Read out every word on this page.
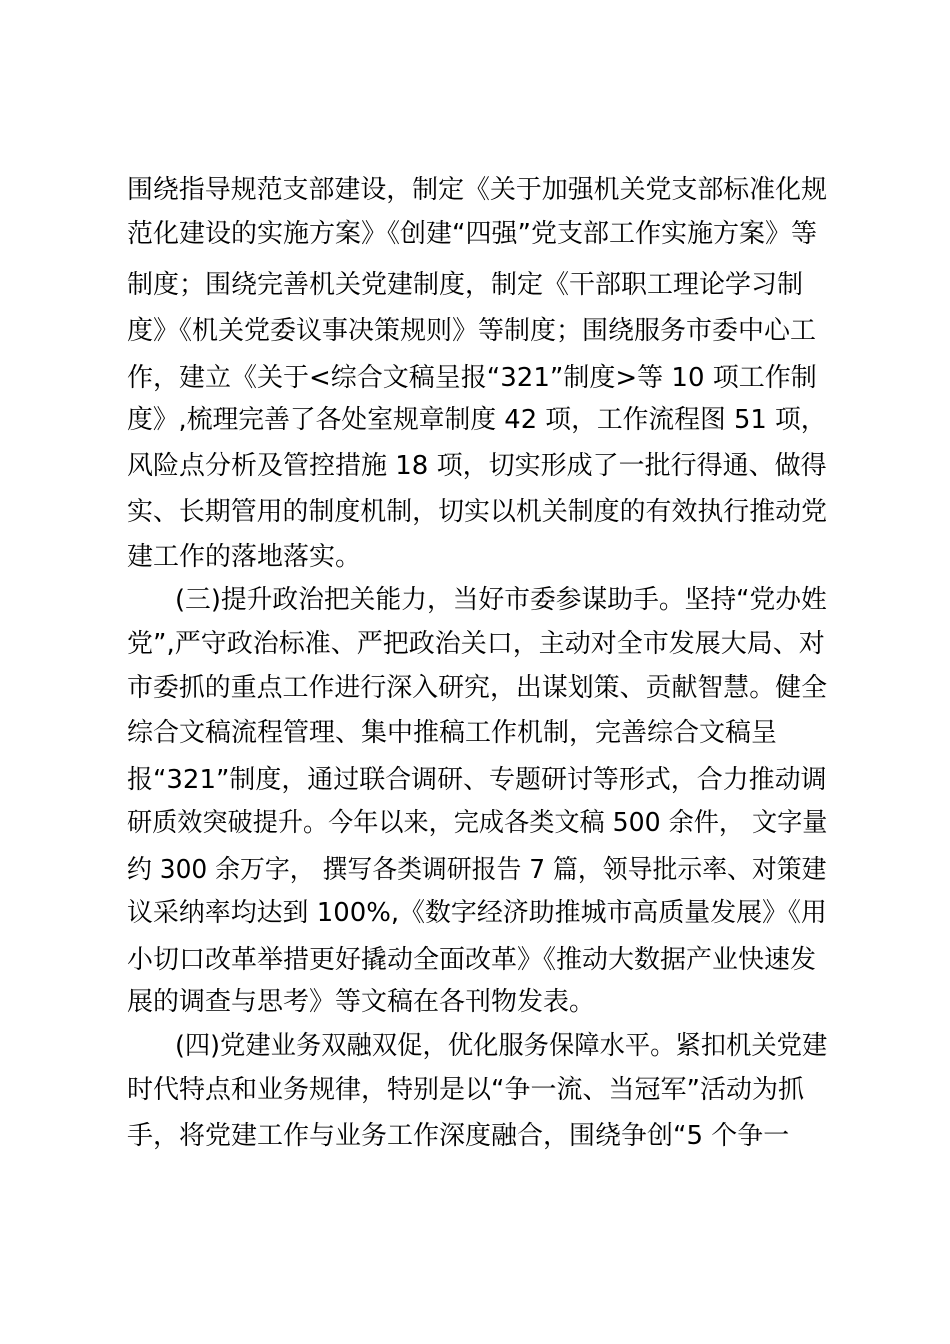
围绕指导规范支部建设，制定《关于加强机关党支部标准化规
范化建设的实施方案》《创建“四强”党支部工作实施方案》等
制度；围绕完善机关党建制度，制定《干部职工理论学习制
度》《机关党委议事决策规则》等制度；围绕服务市委中心工
作，建立《关于<综合文稿呈报“321”制度>等 10 项工作制
度》,梳理完善了各处室规章制度 42 项，工作流程图 51 项，
风险点分析及管控措施 18 项，切实形成了一批行得通、做得
实、长期管用的制度机制，切实以机关制度的有效执行推动党
建工作的落地落实。
(三)提升政治把关能力，当好市委参谋助手。坚持“党办姓
党”,严守政治标准、严把政治关口，主动对全市发展大局、对
市委抓的重点工作进行深入研究，出谋划策、贡献智慧。健全
综合文稿流程管理、集中推稿工作机制，完善综合文稿呈
报“321”制度，通过联合调研、专题研讨等形式，合力推动调
研质效突破提升。今年以来，完成各类文稿 500 余件， 文字量
约 300 余万字， 撰写各类调研报告 7 篇，领导批示率、对策建
议采纳率均达到 100%,《数字经济助推城市高质量发展》《用
小切口改革举措更好撬动全面改革》《推动大数据产业快速发
展的调查与思考》等文稿在各刊物发表。
(四)党建业务双融双促，优化服务保障水平。紧扣机关党建
时代特点和业务规律，特别是以“争一流、当冠军”活动为抓
手，将党建工作与业务工作深度融合，围绕争创“5 个争一
